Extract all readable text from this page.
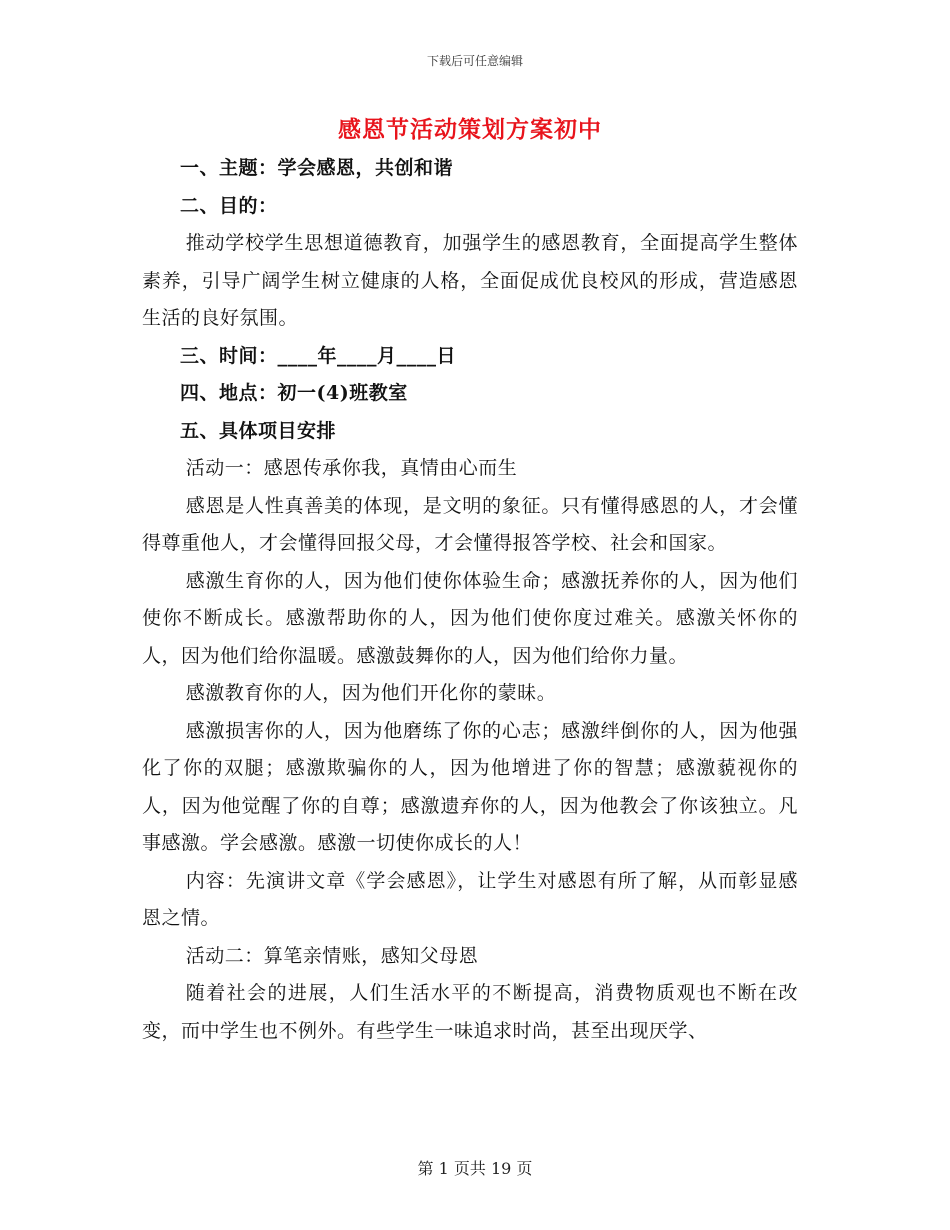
下载后可任意编辑
感恩节活动策划方案初中

一、主题：学会感恩，共创和谐

二、目的：

推动学校学生思想道德教育，加强学生的感恩教育，全面提高学生整体素养，引导广阔学生树立健康的人格，全面促成优良校风的形成，营造感恩生活的良好氛围。

三、时间：____年____月____日

四、地点：初一(4)班教室

五、具体项目安排

活动一：感恩传承你我，真情由心而生

感恩是人性真善美的体现，是文明的象征。只有懂得感恩的人，才会懂得尊重他人，才会懂得回报父母，才会懂得报答学校、社会和国家。

感激生育你的人，因为他们使你体验生命；感激抚养你的人，因为他们使你不断成长。感激帮助你的人，因为他们使你度过难关。感激关怀你的人，因为他们给你温暖。感激鼓舞你的人，因为他们给你力量。

感激教育你的人，因为他们开化你的蒙昧。

感激损害你的人，因为他磨练了你的心志；感激绊倒你的人，因为他强化了你的双腿；感激欺骗你的人，因为他增进了你的智慧；感激藐视你的人，因为他觉醒了你的自尊；感激遗弃你的人，因为他教会了你该独立。凡事感激。学会感激。感激一切使你成长的人！

内容：先演讲文章《学会感恩》，让学生对感恩有所了解，从而彰显感恩之情。

活动二：算笔亲情账，感知父母恩

随着社会的进展，人们生活水平的不断提高，消费物质观也不断在改变，而中学生也不例外。有些学生一味追求时尚，甚至出现厌学、

第 1 页共 19 页
